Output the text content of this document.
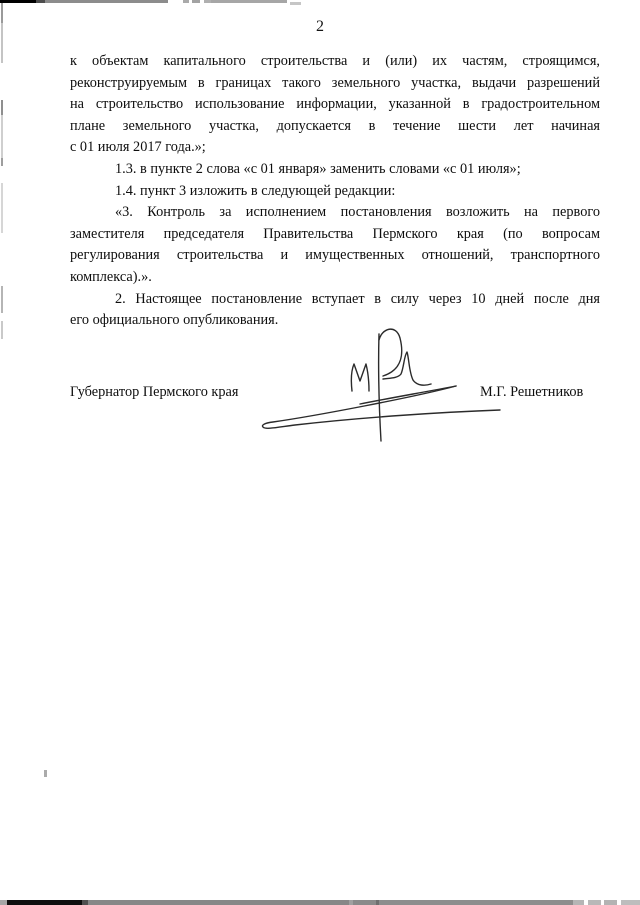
2
к объектам капитального строительства и (или) их частям, строящимся,
реконструируемым в границах такого земельного участка, выдачи разрешений
на строительство использование информации, указанной в градостроительном
плане земельного участка, допускается в течение шести лет начиная
с 01 июля 2017 года.»;
1.3. в пункте 2 слова «с 01 января» заменить словами «с 01 июля»;
1.4. пункт 3 изложить в следующей редакции:
«3. Контроль за исполнением постановления возложить на первого
заместителя председателя Правительства Пермского края (по вопросам
регулирования строительства и имущественных отношений, транспортного
комплекса).».
2. Настоящее постановление вступает в силу через 10 дней после дня
его официального опубликования.
Губернатор Пермского края	М.Г. Решетников
